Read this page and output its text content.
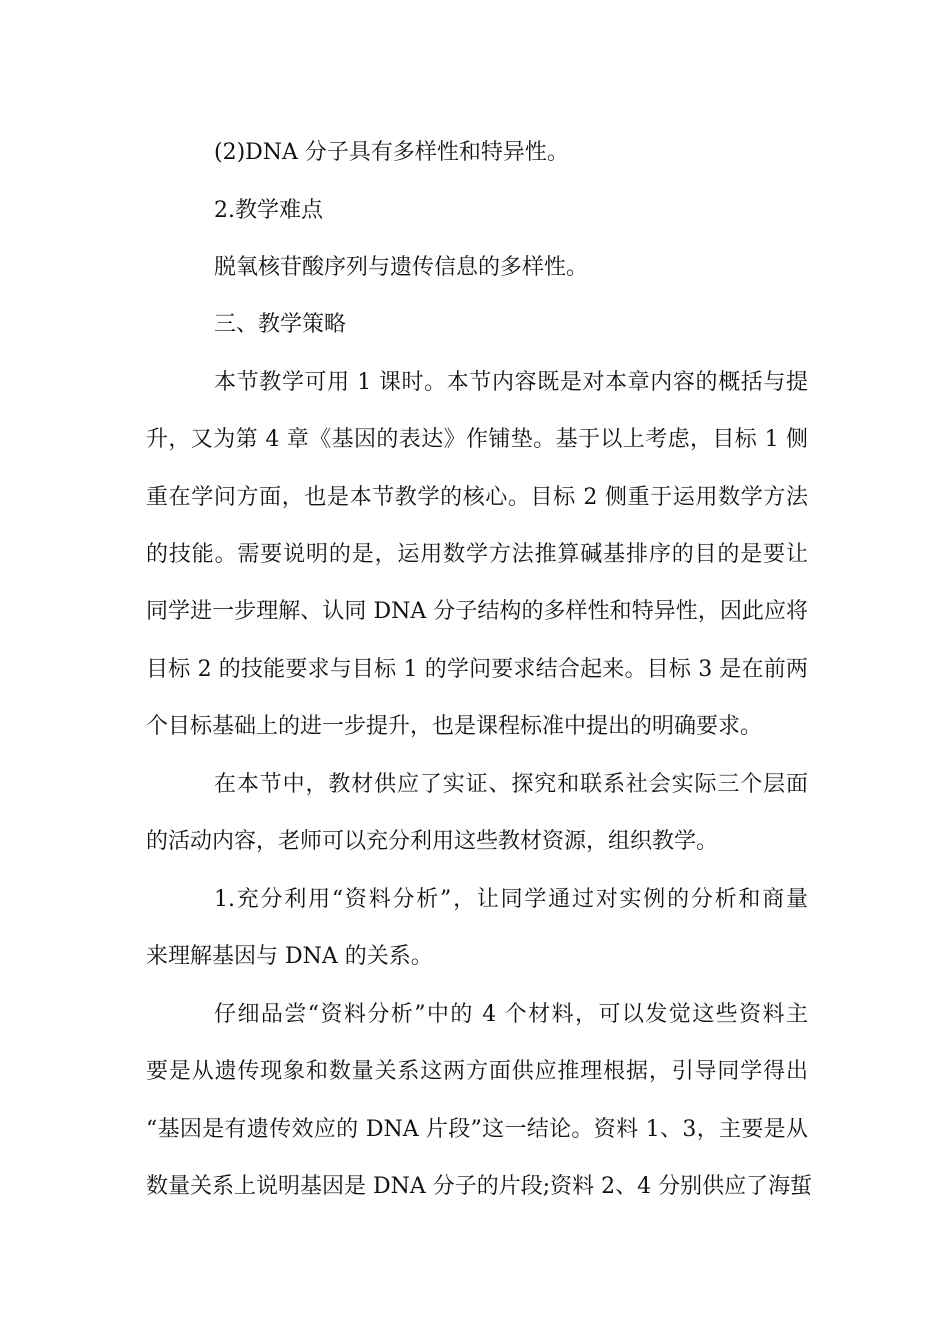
(2)DNA 分子具有多样性和特异性。

2.教学难点

脱氧核苷酸序列与遗传信息的多样性。

三、教学策略

本节教学可用 1 课时。本节内容既是对本章内容的概括与提

升，又为第 4 章《基因的表达》作铺垫。基于以上考虑，目标 1 侧

重在学问方面，也是本节教学的核心。目标 2 侧重于运用数学方法

的技能。需要说明的是，运用数学方法推算碱基排序的目的是要让

同学进一步理解、认同 DNA 分子结构的多样性和特异性，因此应将

目标 2 的技能要求与目标 1 的学问要求结合起来。目标 3 是在前两

个目标基础上的进一步提升，也是课程标准中提出的明确要求。

在本节中，教材供应了实证、探究和联系社会实际三个层面

的活动内容，老师可以充分利用这些教材资源，组织教学。

1.充分利用“资料分析”，让同学通过对实例的分析和商量

来理解基因与 DNA 的关系。

仔细品尝“资料分析”中的 4 个材料，可以发觉这些资料主

要是从遗传现象和数量关系这两方面供应推理根据，引导同学得出

“基因是有遗传效应的 DNA 片段”这一结论。资料 1、3，主要是从

数量关系上说明基因是 DNA 分子的片段;资料 2、4 分别供应了海蜇
